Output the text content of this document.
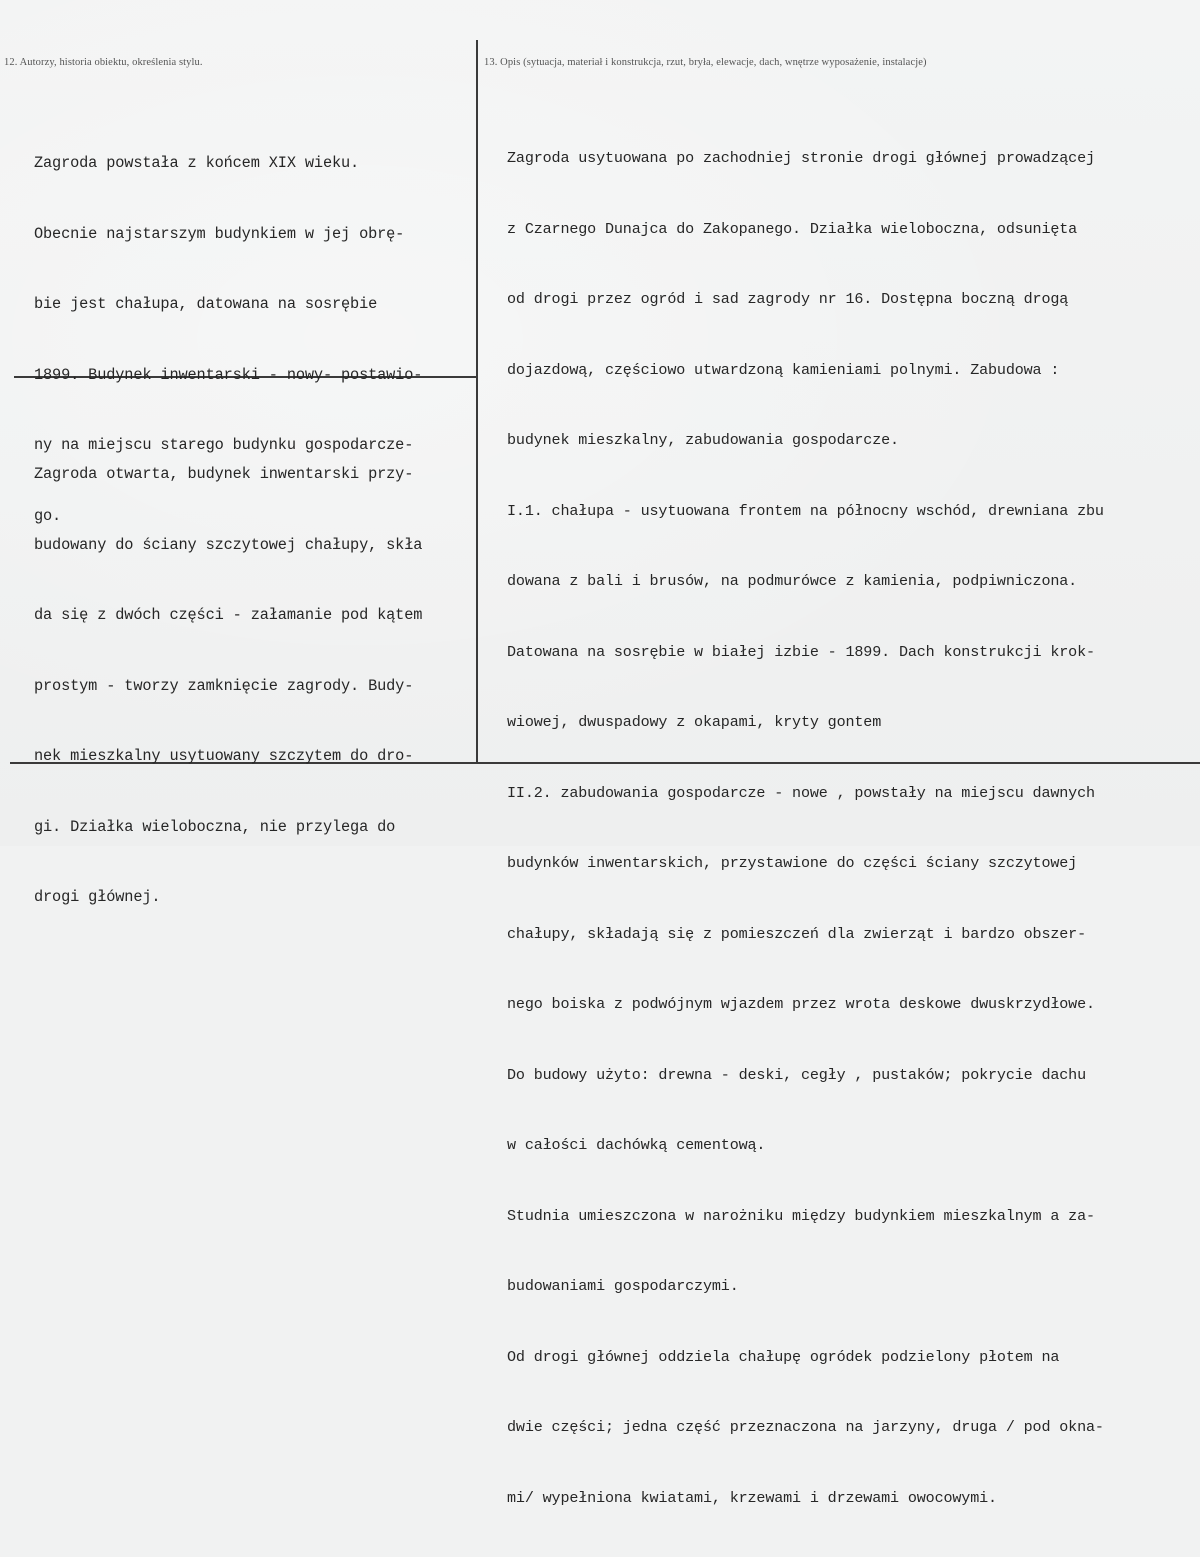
12. Autorzy, historia obiektu, określenia stylu.	13. Opis (sytuacja, materiał i konstrukcja, rzut, bryła, elewacje, dach, wnętrze wyposażenie, instalacje)

Zagroda powstała z końcem XIX wieku.

Obecnie najstarszym budynkiem w jej obrę-

bie jest chałupa, datowana na sosrębie

1899. Budynek inwentarski - nowy- postawio-

ny na miejscu starego budynku gospodarcze-

go.

Zagroda otwarta, budynek inwentarski przy-

budowany do ściany szczytowej chałupy, skła

da się z dwóch części - załamanie pod kątem

prostym - tworzy zamknięcie zagrody. Budy-

nek mieszkalny usytuowany szczytem do dro-

gi. Działka wieloboczna, nie przylega do

drogi głównej.

Zagroda usytuowana po zachodniej stronie drogi głównej prowadzącej

z Czarnego Dunajca do Zakopanego. Działka wieloboczna, odsunięta

od drogi przez ogród i sad zagrody nr 16. Dostępna boczną drogą

dojazdową, częściowo utwardzoną kamieniami polnymi. Zabudowa :

budynek mieszkalny, zabudowania gospodarcze.

I.1. chałupa - usytuowana frontem na północny wschód, drewniana zbu

dowana z bali i brusów, na podmurówce z kamienia, podpiwniczona.

Datowana na sosrębie w białej izbie - 1899. Dach konstrukcji krok-

wiowej, dwuspadowy z okapami, kryty gontem

II.2. zabudowania gospodarcze - nowe , powstały na miejscu dawnych

budynków inwentarskich, przystawione do części ściany szczytowej

chałupy, składają się z pomieszczeń dla zwierząt i bardzo obszer-

nego boiska z podwójnym wjazdem przez wrota deskowe dwuskrzydłowe.

Do budowy użyto: drewna - deski, cegły , pustaków; pokrycie dachu

w całości dachówką cementową.

Studnia umieszczona w narożniku między budynkiem mieszkalnym a za-

budowaniami gospodarczymi.

Od drogi głównej oddziela chałupę ogródek podzielony płotem na

dwie części; jedna część przeznaczona na jarzyny, druga / pod okna-

mi/ wypełniona kwiatami, krzewami i drzewami owocowymi.
